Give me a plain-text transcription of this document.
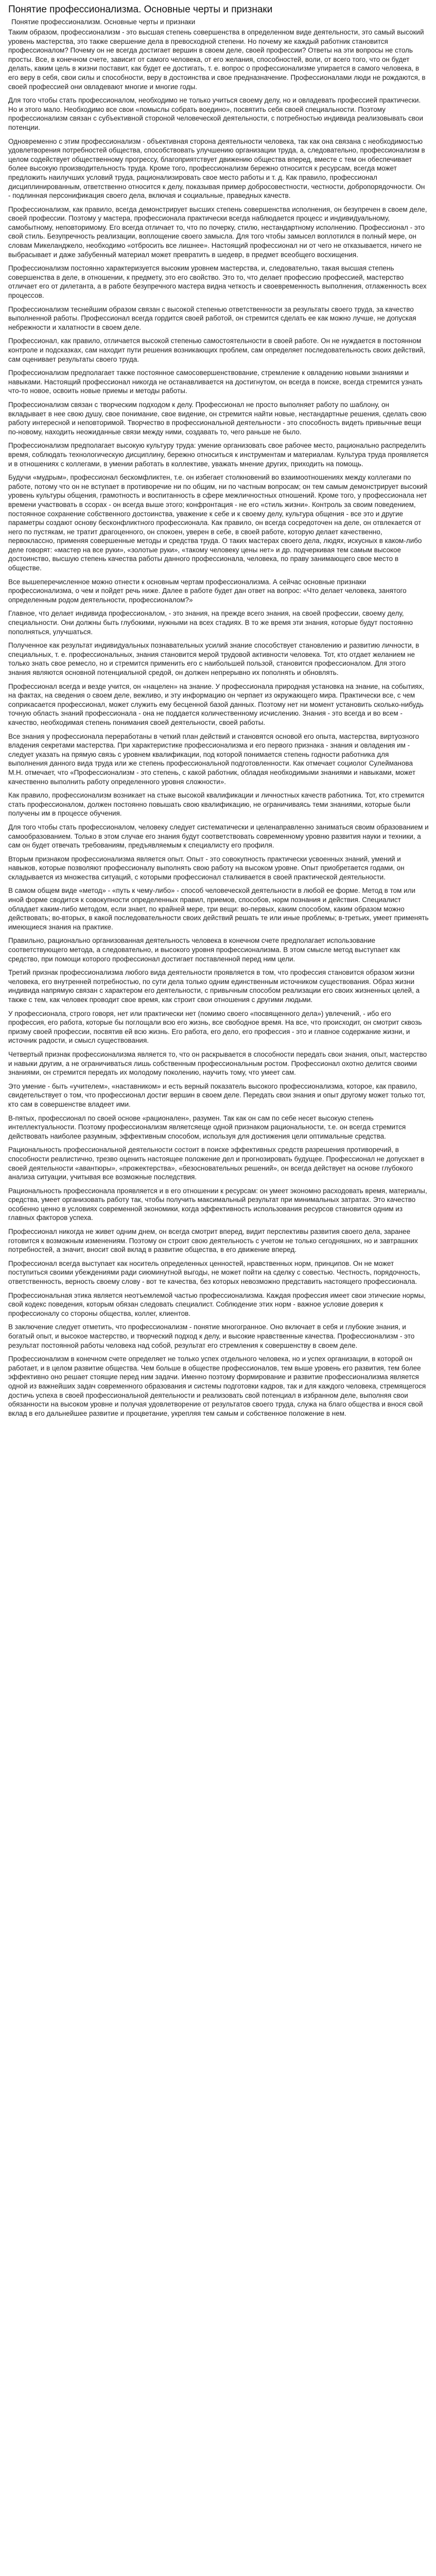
Понятие профессионализма. Основные черты и признаки
Понятие профессионализм. Основные черты и признаки

Таким образом, профессионализм - это высшая степень совершенства в определенном виде деятельности, это самый высокий уровень мастерства, это также свершение дела в превосходной степени. Но почему же каждый работник становится профессионалом? Почему он не всегда достигает вершин в своем деле, своей профессии? Ответы на эти вопросы не столь просты. Все, в конечном счете, зависит от самого человека, от его желания, способностей, воли, от всего того, что он будет делать, каким цель в жизни поставит, как будет ее достигать, т. е. вопрос о профессионализме упирается в самого человека, в его веру в себя, свои силы и способности, веру в достоинства и свое предназначение. Профессионалами люди не рождаются, в своей профессией они овладевают многие и многие годы.

Для того чтобы стать профессионалом, необходимо не только учиться своему делу, но и овладевать профессией практически. Но и этого мало. Необходимо все свои «помыслы собрать воедино», посвятить себя своей специальности. Поэтому профессионализм связан с субъективной стороной человеческой деятельности, с потребностью индивида реализовывать свои потенции.

Одновременно с этим профессионализм - объективная сторона деятельности человека, так как она связана с необходимостью удовлетворения потребностей общества, способствовать улучшению организации труда, а, следовательно, профессионализм в целом содействует общественному прогрессу, благоприятствует движению общества вперед, вместе с тем он обеспечивает более высокую производительность труда. Кроме того, профессионализм бережно относится к ресурсам, всегда может предложить наилучших условий труда, рационализировать свое место работы и т. д. Как правило, профессионал дисциплинированным, ответственно относится к делу, показывая пример добросовестности, честности, добропорядочности. Он - подлинная персонификация своего дела, включая и социальные, праведных качеств.

Профессионализм, как правило, всегда демонстрирует высших степень совершенства исполнения, он безупречен в своем деле, своей профессии. Поэтому у мастера, профессионала практически всегда наблюдается процесс и индивидуальному, самобытному, неповторимому. Его всегда отличает то, что по почерку, стилю, нестандартному исполнению. Профессионал - это свой стиль. Безупречность реализации, воплощение своего замысла. Для того чтобы замысел воплотился в полный мере, он словам Микеланджело, необходимо «отбросить все лишнее». Настоящий профессионал ни от чего не отказывается, ничего не выбрасывает и даже забубенный материал может превратить в шедевр, в предмет всеобщего восхищения.

Профессионализм постоянно характеризуется высоким уровнем мастерства, и, следовательно, такая высшая степень совершенства в деле, в отношении, к предмету, это его свойство. Это то, что делает профессию профессией, мастерство отличает его от дилетанта, а в работе безупречного мастера видна четкость и своевременность выполнения, отлаженность всех процессов.

Профессионализм теснейшим образом связан с высокой степенью ответственности за результаты своего труда, за качество выполненной работы. Профессионал всегда гордится своей работой, он стремится сделать ее как можно лучше, не допуская небрежности и халатности в своем деле.

Профессионал, как правило, отличается высокой степенью самостоятельности в своей работе. Он не нуждается в постоянном контроле и подсказках, сам находит пути решения возникающих проблем, сам определяет последовательность своих действий, сам оценивает результаты своего труда.

Профессионализм предполагает также постоянное самосовершенствование, стремление к овладению новыми знаниями и навыками. Настоящий профессионал никогда не останавливается на достигнутом, он всегда в поиске, всегда стремится узнать что-то новое, освоить новые приемы и методы работы.

Профессионализм связан с творческим подходом к делу. Профессионал не просто выполняет работу по шаблону, он вкладывает в нее свою душу, свое понимание, свое видение, он стремится найти новые, нестандартные решения, сделать свою работу интересной и неповторимой. Творчество в профессиональной деятельности - это способность видеть привычные вещи по-новому, находить неожиданные связи между ними, создавать то, чего раньше не было.

Профессионализм предполагает высокую культуру труда: умение организовать свое рабочее место, рационально распределить время, соблюдать технологическую дисциплину, бережно относиться к инструментам и материалам. Культура труда проявляется и в отношениях с коллегами, в умении работать в коллективе, уважать мнение других, приходить на помощь.

Будучи «мудрым», профессионал бескомфликтен, т.е. он избегает столкновений во взаимоотношениях между коллегами по работе, потому что он не вступает в противоречие ни по общим, ни по частным вопросам; он тем самым демонстрирует высокий уровень культуры общения, грамотность и воспитанность в сфере межличностных отношений. Кроме того, у профессионала нет времени участвовать в ссорах - он всегда выше этого; конфронтация - не его «стиль жизни». Контроль за своим поведением, постоянное сохранение собственного достоинства, уважение к себе и к своему делу, культура общения - все это и другие параметры создают основу бесконфликтного профессионала. Как правило, он всегда сосредоточен на деле, он отвлекается от него по пустякам, не тратит драгоценного, он спокоен, уверен в себе, в своей работе, которую делает качественно, первоклассно, применяя совершенные методы и средства труда. О таких мастерах своего дела, людях, искусных в каком-либо деле говорят: «мастер на все руки», «золотые руки», «такому человеку цены нет» и др. подчеркивая тем самым высокое достоинство, высшую степень качества работы данного профессионала, человека, по праву занимающего свое место в обществе.

Все вышеперечисленное можно отнести к основным чертам профессионализма. А сейчас основные признаки профессионализма, о чем и пойдет речь ниже. Далее в работе будет дан ответ на вопрос: «Что делает человека, занятого определенным родом деятельности, профессионалом?»

Главное, что делает индивида профессионалом, - это знания, на прежде всего знания, на своей профессии, своему делу, специальности. Они должны быть глубокими, нужными на всех стадиях. В то же время эти знания, которые будут постоянно пополняться, улучшаться.

Полученное как результат индивидуальных познавательных усилий знание способствует становлению и развитию личности, в специальных, т. е. профессиональных, знания становится мерой трудовой активности человека. Тот, кто отдает желанием не только знать свое ремесло, но и стремится применить его с наибольшей пользой, становится профессионалом. Для этого знания являются основной потенциальной средой, он должен непрерывно их пополнять и обновлять.

Профессионал всегда и везде учится, он «нацелен» на знание. У профессионала природная установка на знание, на событиях, на фактах, на сведения о своем деле, вежливо, и эту информацию он черпает из окружающего мира. Практически все, с чем соприкасается профессионал, может служить ему бесценной базой данных. Поэтому нет ни момент установить сколько-нибудь точную область знаний профессионала - она не поддается количественному исчислению. Знания - это всегда и во всем - качество, необходимая степень понимания своей деятельности, своей работы.

Все знания у профессионала переработаны в четкий план действий и становятся основой его опыта, мастерства, виртуозного владения секретами мастерства. При характеристике профессионализма и его первого признака - знания и овладения им - следует указать на прямую связь с уровнем квалификации, под которой понимается степень годности работника для выполнения данного вида труда или же степень профессиональной подготовленности. Как отмечает социолог Сулейманова М.Н. отмечает, что «Профессионализм - это степень, с какой работник, обладая необходимыми знаниями и навыками, может качественно выполнить работу определенного уровня сложности».

Как правило, профессионализм возникает на стыке высокой квалификации и личностных качеств работника. Тот, кто стремится стать профессионалом, должен постоянно повышать свою квалификацию, не ограничиваясь теми знаниями, которые были получены им в процессе обучения.

Для того чтобы стать профессионалом, человеку следует систематически и целенаправленно заниматься своим образованием и самообразованием. Только в этом случае его знания будут соответствовать современному уровню развития науки и техники, а сам он будет отвечать требованиям, предъявляемым к специалисту его профиля.

Вторым признаком профессионализма является опыт. Опыт - это совокупность практически усвоенных знаний, умений и навыков, которые позволяют профессионалу выполнять свою работу на высоком уровне. Опыт приобретается годами, он складывается из множества ситуаций, с которыми профессионал сталкивается в своей практической деятельности.

В самом общем виде «метод» - «путь к чему-либо» - способ человеческой деятельности в любой ее форме. Метод в том или иной форме сводится к совокупности определенных правил, приемов, способов, норм познания и действия. Специалист обладает каким-либо методом, если знает, по крайней мере, три вещи: во-первых, каким способом, каким образом можно действовать; во-вторых, в какой последовательности своих действий решать те или иные проблемы; в-третьих, умеет применять имеющиеся знания на практике.

Правильно, рационально организованная деятельность человека в конечном счете предполагает использование соответствующего метода, а следовательно, и высокого уровня профессионализма. В этом смысле метод выступает как средство, при помощи которого профессионал достигает поставленной перед ним цели.

Третий признак профессионализма любого вида деятельности проявляется в том, что профессия становится образом жизни человека, его внутренней потребностью, по сути дела только одним единственным источником существования. Образ жизни индивида напрямую связан с характером его деятельности, с привычным способом реализации его своих жизненных целей, а также с тем, как человек проводит свое время, как строит свои отношения с другими людьми.

У профессионала, строго говоря, нет или практически нет (помимо своего «посвященного дела») увлечений, - ибо его профессия, его работа, которые бы поглощали всю его жизнь, все свободное время. На все, что происходит, он смотрит сквозь призму своей профессии, посвятив ей всю жизнь. Его работа, его дело, его профессия - это и главное содержание жизни, и источник радости, и смысл существования.

Четвертый признак профессионализма является то, что он раскрывается в способности передать свои знания, опыт, мастерство и навыки другим, а не ограничиваться лишь собственным профессиональным ростом. Профессионал охотно делится своими знаниями, он стремится передать их молодому поколению, научить тому, что умеет сам.

Это умение - быть «учителем», «наставником» и есть верный показатель высокого профессионализма, которое, как правило, свидетельствует о том, что профессионал достиг вершин в своем деле. Передать свои знания и опыт другому может только тот, кто сам в совершенстве владеет ими.

В-пятых, профессионал по своей основе «рационален», разумен. Так как он сам по себе несет высокую степень интеллектуальности. Поэтому профессионализм являетсяеще одной признаком рациональности, т.е. он всегда стремится действовать наиболее разумным, эффективным способом, используя для достижения цели оптимальные средства.

Рациональность профессиональной деятельности состоит в поиске эффективных средств разрешения противоречий, в способности реалистично, трезво оценить настоящее положение дел и прогнозировать будущее. Профессионал не допускает в своей деятельности «авантюры», «прожектерства», «безосновательных решений», он всегда действует на основе глубокого анализа ситуации, учитывая все возможные последствия.

Рациональность профессионала проявляется и в его отношении к ресурсам: он умеет экономно расходовать время, материалы, средства, умеет организовать работу так, чтобы получить максимальный результат при минимальных затратах. Это качество особенно ценно в условиях современной экономики, когда эффективность использования ресурсов становится одним из главных факторов успеха.

Профессионал никогда не живет одним днем, он всегда смотрит вперед, видит перспективы развития своего дела, заранее готовится к возможным изменениям. Поэтому он строит свою деятельность с учетом не только сегодняшних, но и завтрашних потребностей, а значит, вносит свой вклад в развитие общества, в его движение вперед.

Профессионал всегда выступает как носитель определенных ценностей, нравственных норм, принципов. Он не может поступиться своими убеждениями ради сиюминутной выгоды, не может пойти на сделку с совестью. Честность, порядочность, ответственность, верность своему слову - вот те качества, без которых невозможно представить настоящего профессионала.

Профессиональная этика является неотъемлемой частью профессионализма. Каждая профессия имеет свои этические нормы, свой кодекс поведения, которым обязан следовать специалист. Соблюдение этих норм - важное условие доверия к профессионалу со стороны общества, коллег, клиентов.

В заключение следует отметить, что профессионализм - понятие многогранное. Оно включает в себя и глубокие знания, и богатый опыт, и высокое мастерство, и творческий подход к делу, и высокие нравственные качества. Профессионализм - это результат постоянной работы человека над собой, результат его стремления к совершенству в своем деле.

Профессионализм в конечном счете определяет не только успех отдельного человека, но и успех организации, в которой он работает, и в целом развитие общества. Чем больше в обществе профессионалов, тем выше уровень его развития, тем более эффективно оно решает стоящие перед ним задачи. Именно поэтому формирование и развитие профессионализма является одной из важнейших задач современного образования и системы подготовки кадров, так и для каждого человека, стремящегося достичь успеха в своей профессиональной деятельности и реализовать свой потенциал в избранном деле, выполняя свои обязанности на высоком уровне и получая удовлетворение от результатов своего труда, служа на благо общества и внося свой вклад в его дальнейшее развитие и процветание, укрепляя тем самым и собственное положение в нем.
